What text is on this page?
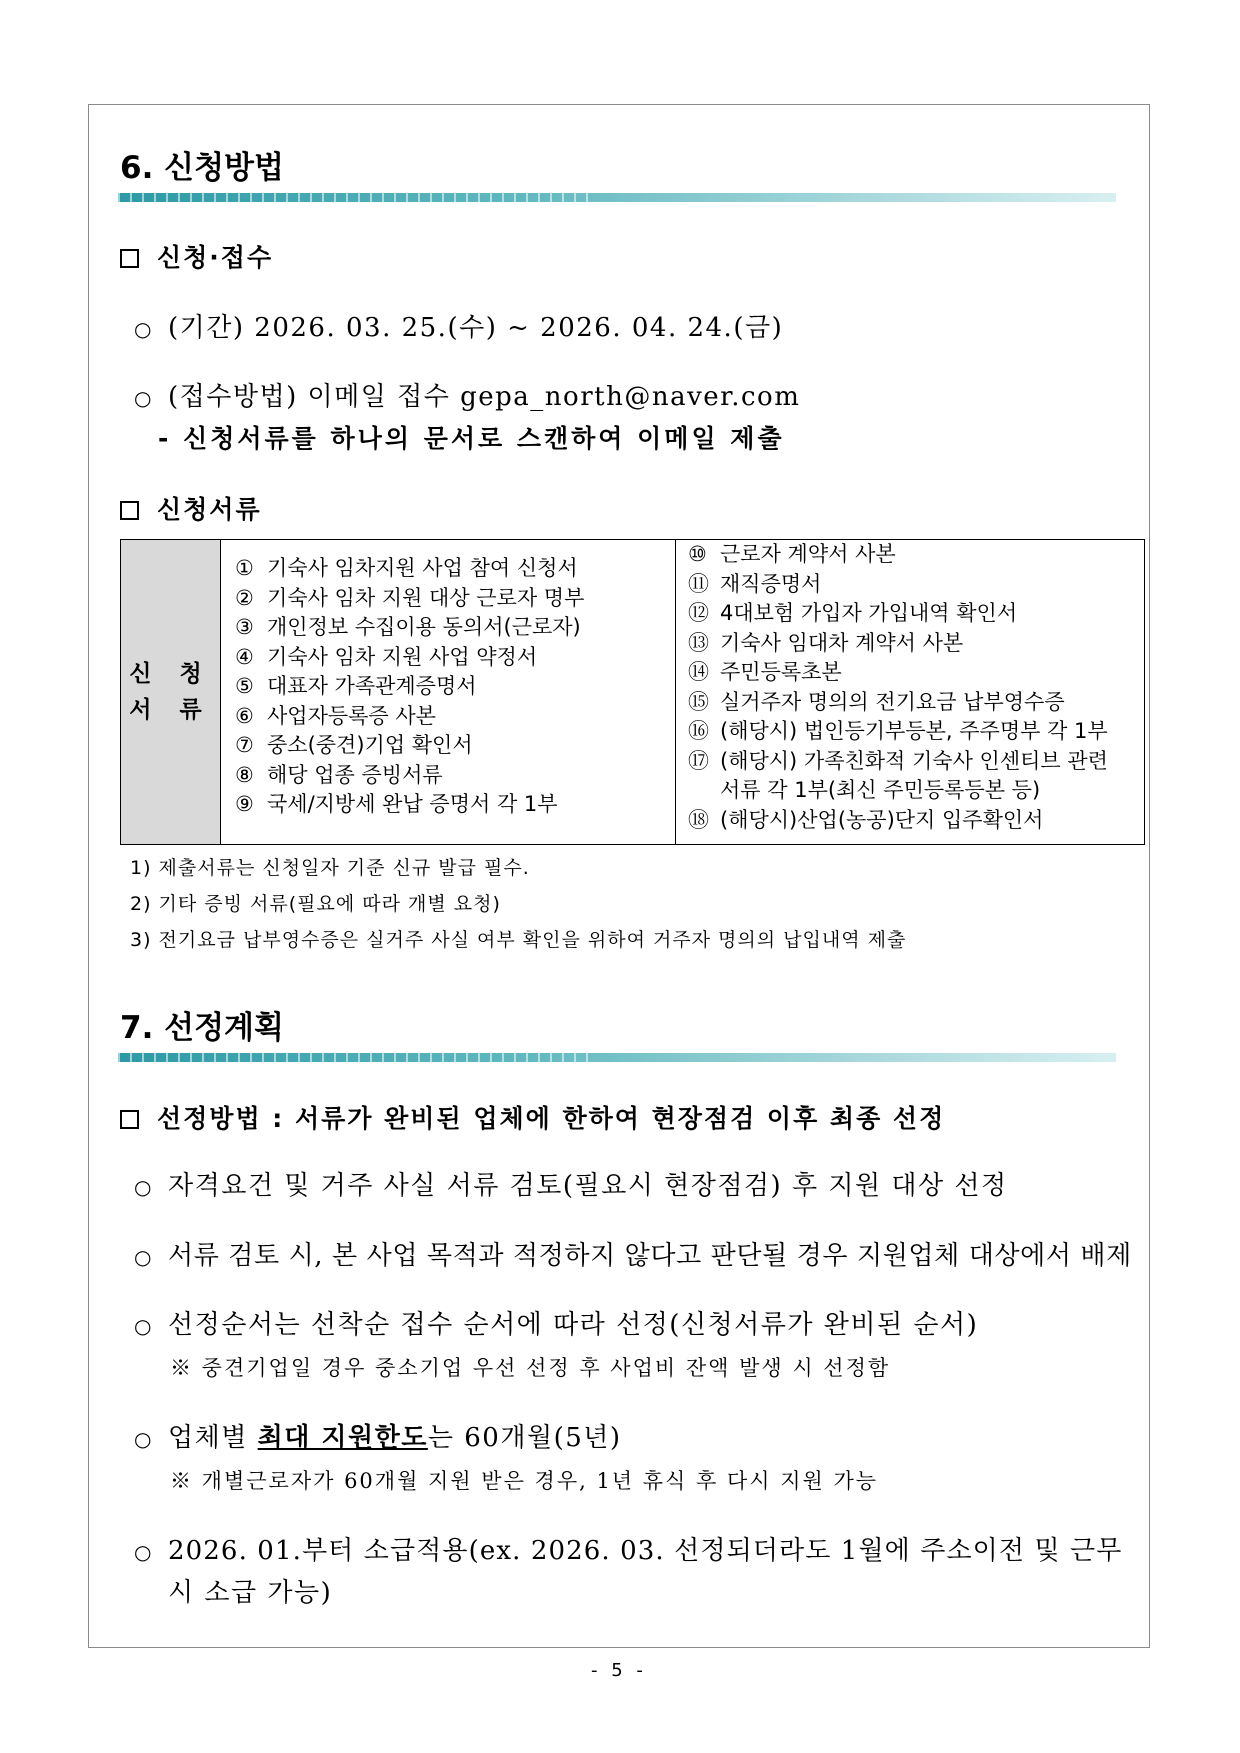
6. 신청방법
신청·접수
○ (기간) 2026. 03. 25.(수) ~ 2026. 04. 24.(금)
○ (접수방법) 이메일 접수 gepa_north@naver.com
- 신청서류를 하나의 문서로 스캔하여 이메일 제출
신청서류
신 청
서 류

① 기숙사 임차지원 사업 참여 신청서
② 기숙사 임차 지원 대상 근로자 명부
③ 개인정보 수집이용 동의서(근로자)
④ 기숙사 임차 지원 사업 약정서
⑤ 대표자 가족관계증명서
⑥ 사업자등록증 사본
⑦ 중소(중견)기업 확인서
⑧ 해당 업종 증빙서류
⑨ 국세/지방세 완납 증명서 각 1부

⑩ 근로자 계약서 사본
⑪ 재직증명서
⑫ 4대보험 가입자 가입내역 확인서
⑬ 기숙사 임대차 계약서 사본
⑭ 주민등록초본
⑮ 실거주자 명의의 전기요금 납부영수증
⑯ (해당시) 법인등기부등본, 주주명부 각 1부
⑰ (해당시) 가족친화적 기숙사 인센티브 관련
서류 각 1부(최신 주민등록등본 등)
⑱ (해당시)산업(농공)단지 입주확인서
1) 제출서류는 신청일자 기준 신규 발급 필수.
2) 기타 증빙 서류(필요에 따라 개별 요청)
3) 전기요금 납부영수증은 실거주 사실 여부 확인을 위하여 거주자 명의의 납입내역 제출
7. 선정계획
선정방법 : 서류가 완비된 업체에 한하여 현장점검 이후 최종 선정
○ 자격요건 및 거주 사실 서류 검토(필요시 현장점검) 후 지원 대상 선정
○ 서류 검토 시, 본 사업 목적과 적정하지 않다고 판단될 경우 지원업체 대상에서 배제
○ 선정순서는 선착순 접수 순서에 따라 선정(신청서류가 완비된 순서)
※ 중견기업일 경우 중소기업 우선 선정 후 사업비 잔액 발생 시 선정함
○ 업체별 최대 지원한도는 60개월(5년)
※ 개별근로자가 60개월 지원 받은 경우, 1년 휴식 후 다시 지원 가능
○ 2026. 01.부터 소급적용(ex. 2026. 03. 선정되더라도 1월에 주소이전 및 근무
시 소급 가능)
- 5 -
